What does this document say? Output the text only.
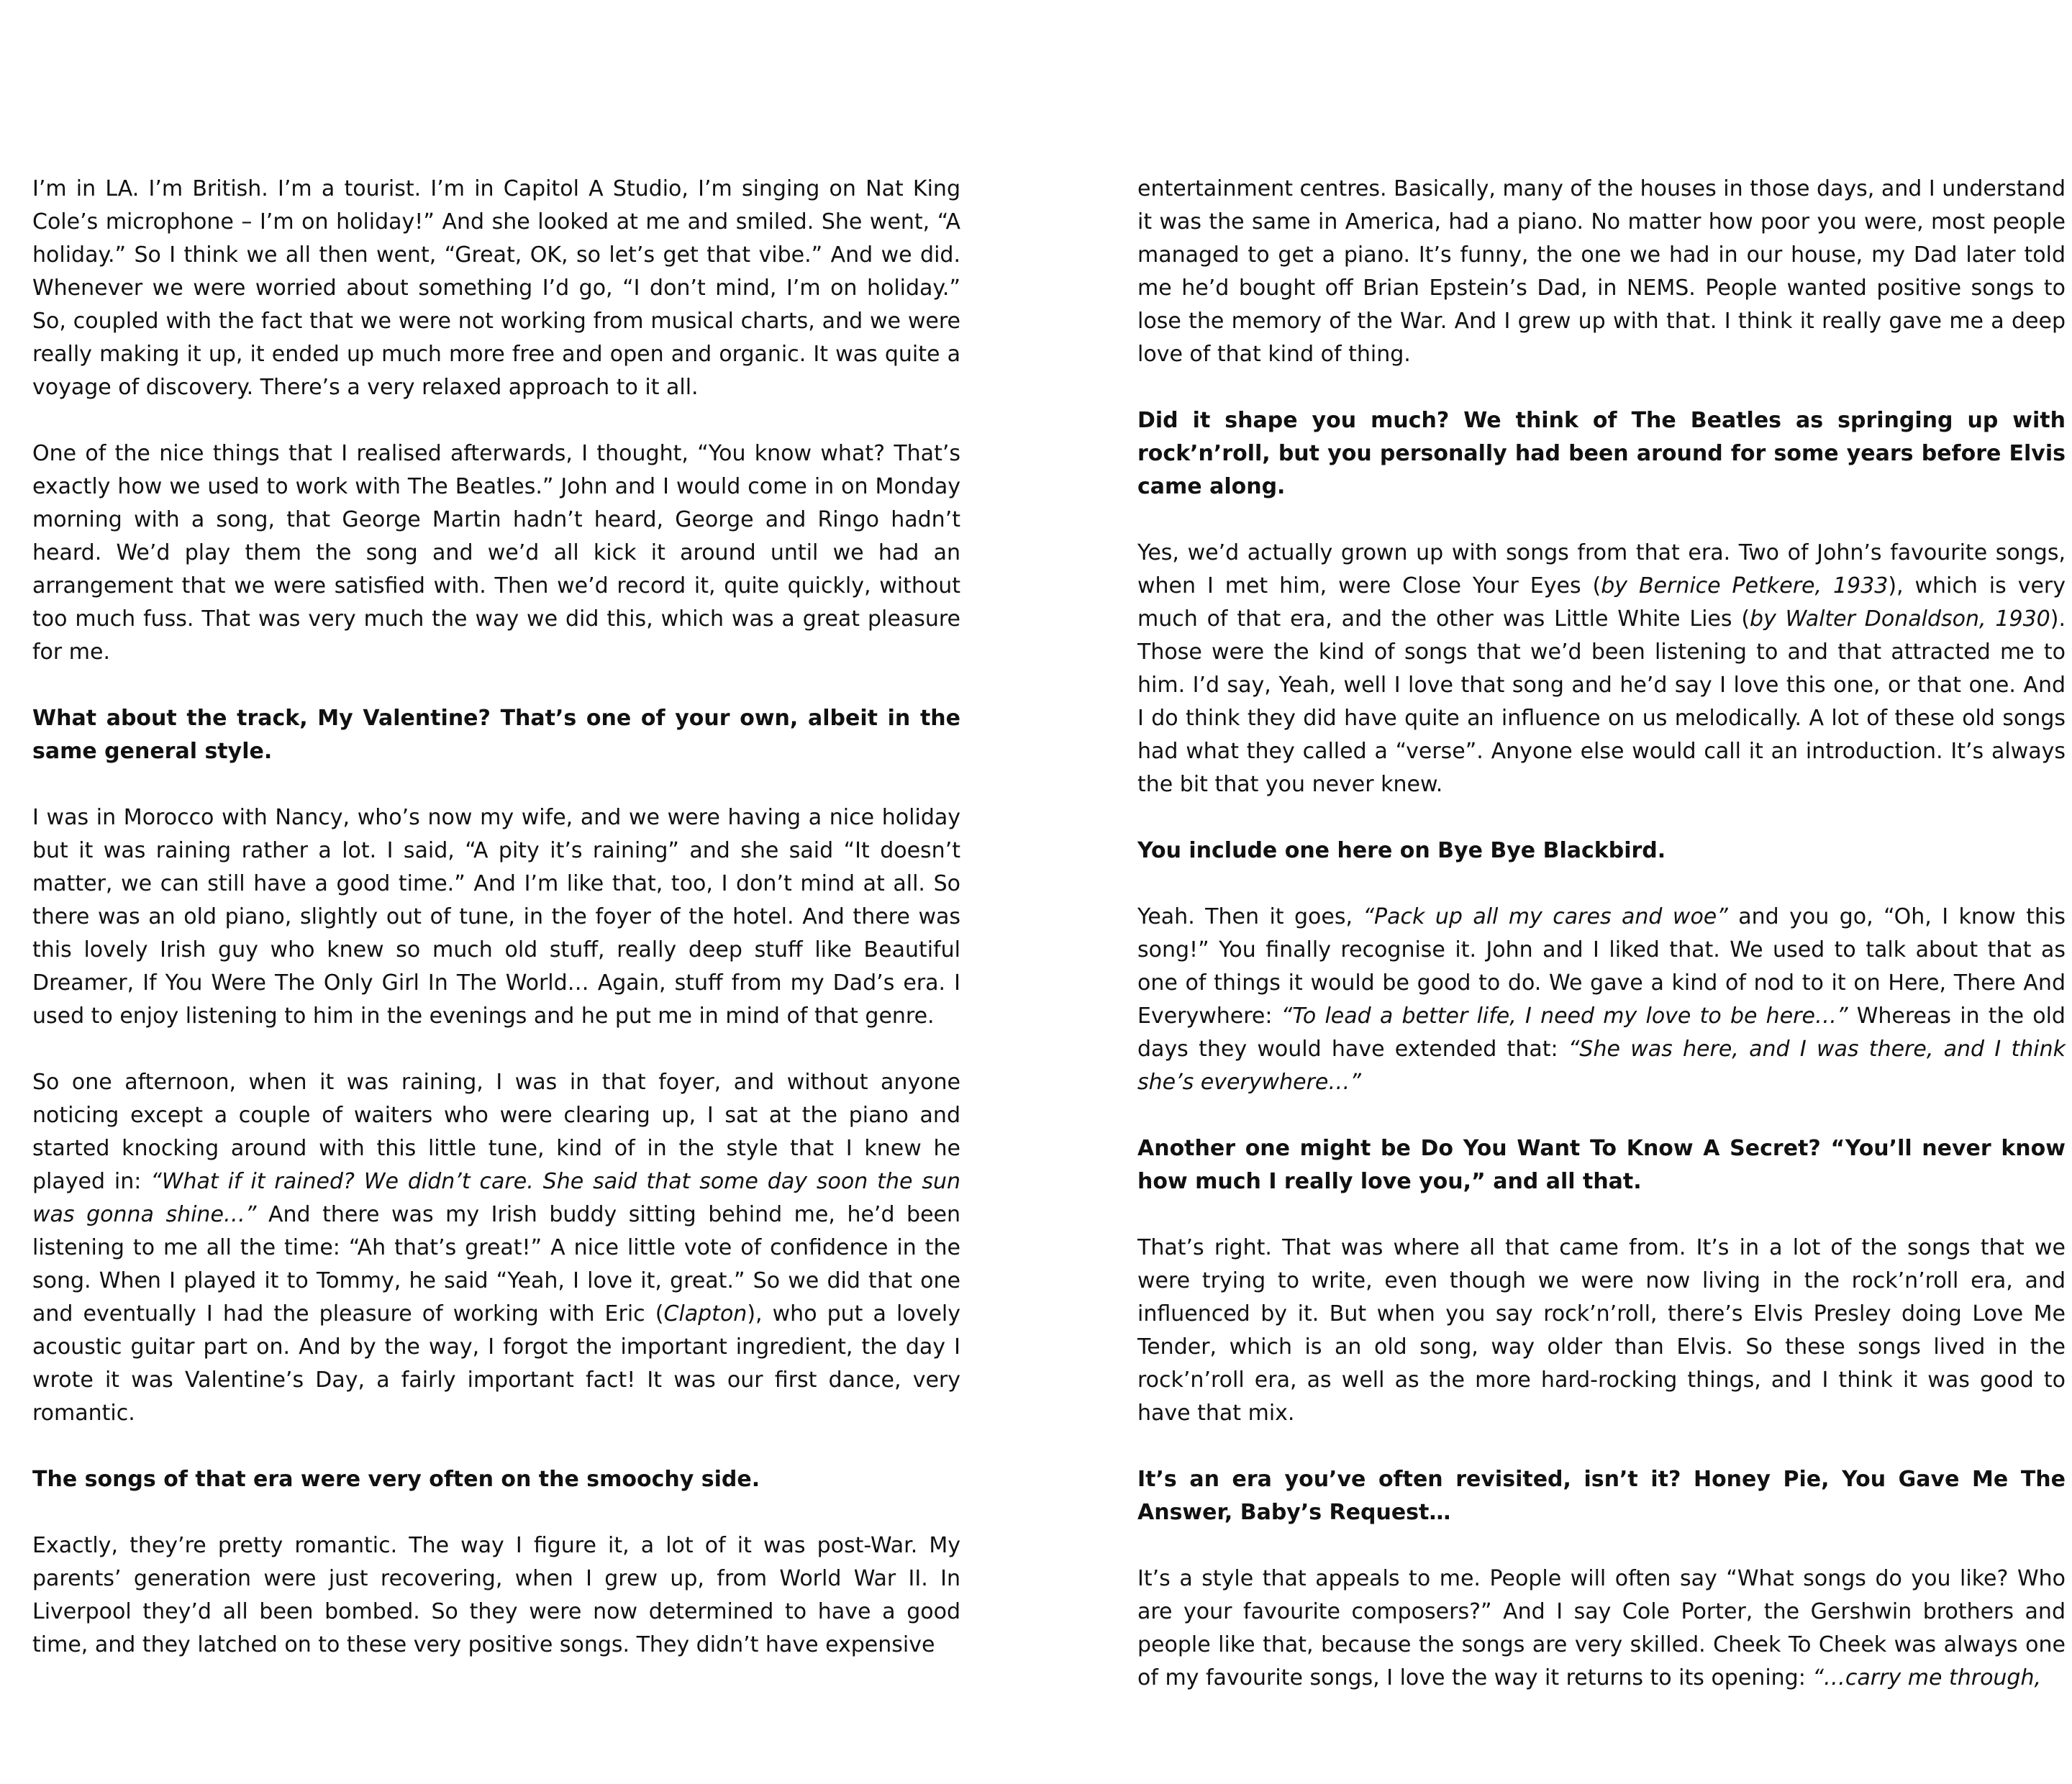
I’m in LA. I’m British. I’m a tourist. I’m in Capitol A Studio, I’m singing on Nat King Cole’s microphone – I’m on holiday!” And she looked at me and smiled. She went, “A holiday.” So I think we all then went, “Great, OK, so let’s get that vibe.” And we did. Whenever we were worried about something I’d go, “I don’t mind, I’m on holiday.” So, coupled with the fact that we were not working from musical charts, and we were really making it up, it ended up much more free and open and organic. It was quite a voyage of discovery. There’s a very relaxed approach to it all.

One of the nice things that I realised afterwards, I thought, “You know what? That’s exactly how we used to work with The Beatles.” John and I would come in on Monday morning with a song, that George Martin hadn’t heard, George and Ringo hadn’t heard. We’d play them the song and we’d all kick it around until we had an arrangement that we were satisfied with. Then we’d record it, quite quickly, without too much fuss. That was very much the way we did this, which was a great pleasure for me.

What about the track, My Valentine? That’s one of your own, albeit in the same general style.

I was in Morocco with Nancy, who’s now my wife, and we were having a nice holiday but it was raining rather a lot. I said, “A pity it’s raining” and she said “It doesn’t matter, we can still have a good time.” And I’m like that, too, I don’t mind at all. So there was an old piano, slightly out of tune, in the foyer of the hotel. And there was this lovely Irish guy who knew so much old stuff, really deep stuff like Beautiful Dreamer, If You Were The Only Girl In The World… Again, stuff from my Dad’s era. I used to enjoy listening to him in the evenings and he put me in mind of that genre.

So one afternoon, when it was raining, I was in that foyer, and without anyone noticing except a couple of waiters who were clearing up, I sat at the piano and started knocking around with this little tune, kind of in the style that I knew he played in: “What if it rained? We didn’t care. She said that some day soon the sun was gonna shine…” And there was my Irish buddy sitting behind me, he’d been listening to me all the time: “Ah that’s great!” A nice little vote of confidence in the song. When I played it to Tommy, he said “Yeah, I love it, great.” So we did that one and eventually I had the pleasure of working with Eric (Clapton), who put a lovely acoustic guitar part on. And by the way, I forgot the important ingredient, the day I wrote it was Valentine’s Day, a fairly important fact! It was our first dance, very romantic.

The songs of that era were very often on the smoochy side.

Exactly, they’re pretty romantic. The way I figure it, a lot of it was post-War. My parents’ generation were just recovering, when I grew up, from World War II. In Liverpool they’d all been bombed. So they were now determined to have a good time, and they latched on to these very positive songs. They didn’t have expensive

entertainment centres. Basically, many of the houses in those days, and I understand it was the same in America, had a piano. No matter how poor you were, most people managed to get a piano. It’s funny, the one we had in our house, my Dad later told me he’d bought off Brian Epstein’s Dad, in NEMS. People wanted positive songs to lose the memory of the War. And I grew up with that. I think it really gave me a deep love of that kind of thing.

Did it shape you much? We think of The Beatles as springing up with rock’n’roll, but you personally had been around for some years before Elvis came along.

Yes, we’d actually grown up with songs from that era. Two of John’s favourite songs, when I met him, were Close Your Eyes (by Bernice Petkere, 1933), which is very much of that era, and the other was Little White Lies (by Walter Donaldson, 1930). Those were the kind of songs that we’d been listening to and that attracted me to him. I’d say, Yeah, well I love that song and he’d say I love this one, or that one. And I do think they did have quite an influence on us melodically. A lot of these old songs had what they called a “verse”. Anyone else would call it an introduction. It’s always the bit that you never knew.

You include one here on Bye Bye Blackbird.

Yeah. Then it goes, “Pack up all my cares and woe” and you go, “Oh, I know this song!” You finally recognise it. John and I liked that. We used to talk about that as one of things it would be good to do. We gave a kind of nod to it on Here, There And Everywhere: “To lead a better life, I need my love to be here…” Whereas in the old days they would have extended that: “She was here, and I was there, and I think she’s everywhere…”

Another one might be Do You Want To Know A Secret? “You’ll never know how much I really love you,” and all that.

That’s right. That was where all that came from. It’s in a lot of the songs that we were trying to write, even though we were now living in the rock’n’roll era, and influenced by it. But when you say rock’n’roll, there’s Elvis Presley doing Love Me Tender, which is an old song, way older than Elvis. So these songs lived in the rock’n’roll era, as well as the more hard-rocking things, and I think it was good to have that mix.

It’s an era you’ve often revisited, isn’t it? Honey Pie, You Gave Me The Answer, Baby’s Request…

It’s a style that appeals to me. People will often say “What songs do you like? Who are your favourite composers?” And I say Cole Porter, the Gershwin brothers and people like that, because the songs are very skilled. Cheek To Cheek was always one of my favourite songs, I love the way it returns to its opening: “…carry me through,
